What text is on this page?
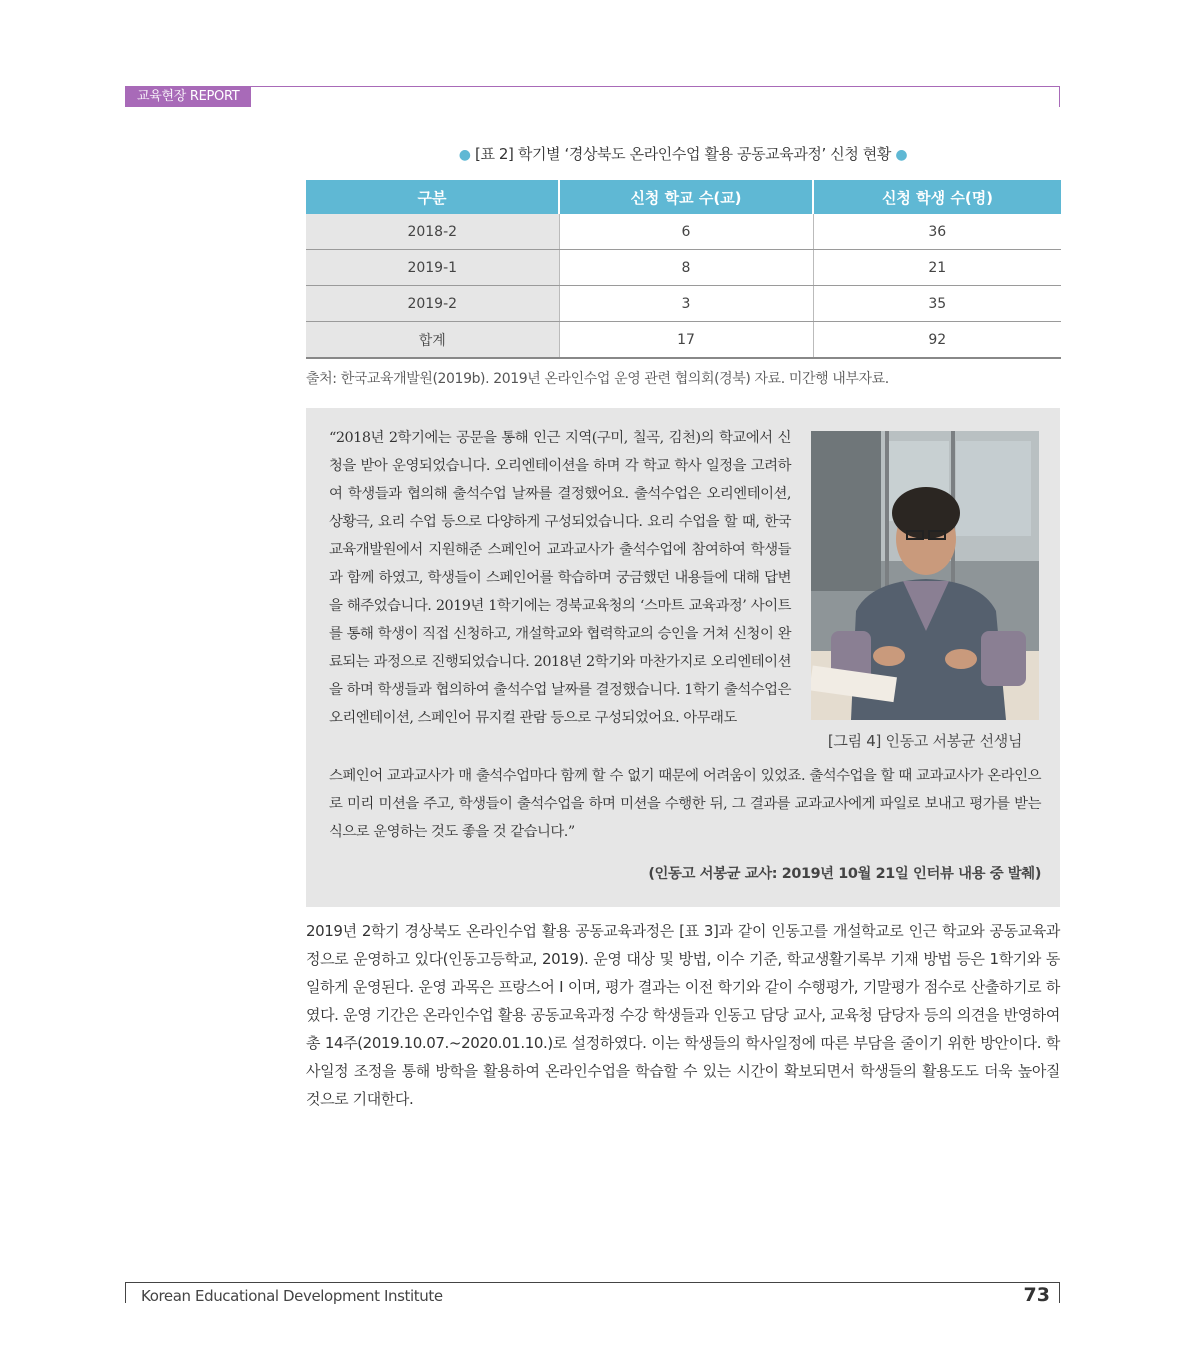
교육현장 REPORT
● [표 2] 학기별 ‘경상북도 온라인수업 활용 공동교육과정’ 신청 현황 ●
구분	신청 학교 수(교)	신청 학생 수(명)
2018-2	6	36
2019-1	8	21
2019-2	3	35
합계	17	92
출처: 한국교육개발원(2019b). 2019년 온라인수업 운영 관련 협의회(경북) 자료. 미간행 내부자료.
“2018년 2학기에는 공문을 통해 인근 지역(구미, 칠곡, 김천)의 학교에서 신청을 받아 운영되었습니다. 오리엔테이션을 하며 각 학교 학사 일정을 고려하여 학생들과 협의해 출석수업 날짜를 결정했어요. 출석수업은 오리엔테이션, 상황극, 요리 수업 등으로 다양하게 구성되었습니다. 요리 수업을 할 때, 한국교육개발원에서 지원해준 스페인어 교과교사가 출석수업에 참여하여 학생들과 함께 하였고, 학생들이 스페인어를 학습하며 궁금했던 내용들에 대해 답변을 해주었습니다. 2019년 1학기에는 경북교육청의 ‘스마트 교육과정’ 사이트를 통해 학생이 직접 신청하고, 개설학교와 협력학교의 승인을 거쳐 신청이 완료되는 과정으로 진행되었습니다. 2018년 2학기와 마찬가지로 오리엔테이션을 하며 학생들과 협의하여 출석수업 날짜를 결정했습니다. 1학기 출석수업은 오리엔테이션, 스페인어 뮤지컬 관람 등으로 구성되었어요. 아무래도
[그림 4] 인동고 서봉균 선생님
스페인어 교과교사가 매 출석수업마다 함께 할 수 없기 때문에 어려움이 있었죠. 출석수업을 할 때 교과교사가 온라인으로 미리 미션을 주고, 학생들이 출석수업을 하며 미션을 수행한 뒤, 그 결과를 교과교사에게 파일로 보내고 평가를 받는 식으로 운영하는 것도 좋을 것 같습니다.”
(인동고 서봉균 교사: 2019년 10월 21일 인터뷰 내용 중 발췌)
2019년 2학기 경상북도 온라인수업 활용 공동교육과정은 [표 3]과 같이 인동고를 개설학교로 인근 학교와 공동교육과정으로 운영하고 있다(인동고등학교, 2019). 운영 대상 및 방법, 이수 기준, 학교생활기록부 기재 방법 등은 1학기와 동일하게 운영된다. 운영 과목은 프랑스어 I 이며, 평가 결과는 이전 학기와 같이 수행평가, 기말평가 점수로 산출하기로 하였다. 운영 기간은 온라인수업 활용 공동교육과정 수강 학생들과 인동고 담당 교사, 교육청 담당자 등의 의견을 반영하여 총 14주(2019.10.07.~2020.01.10.)로 설정하였다. 이는 학생들의 학사일정에 따른 부담을 줄이기 위한 방안이다. 학사일정 조정을 통해 방학을 활용하여 온라인수업을 학습할 수 있는 시간이 확보되면서 학생들의 활용도도 더욱 높아질 것으로 기대한다.
Korean Educational Development Institute	73
